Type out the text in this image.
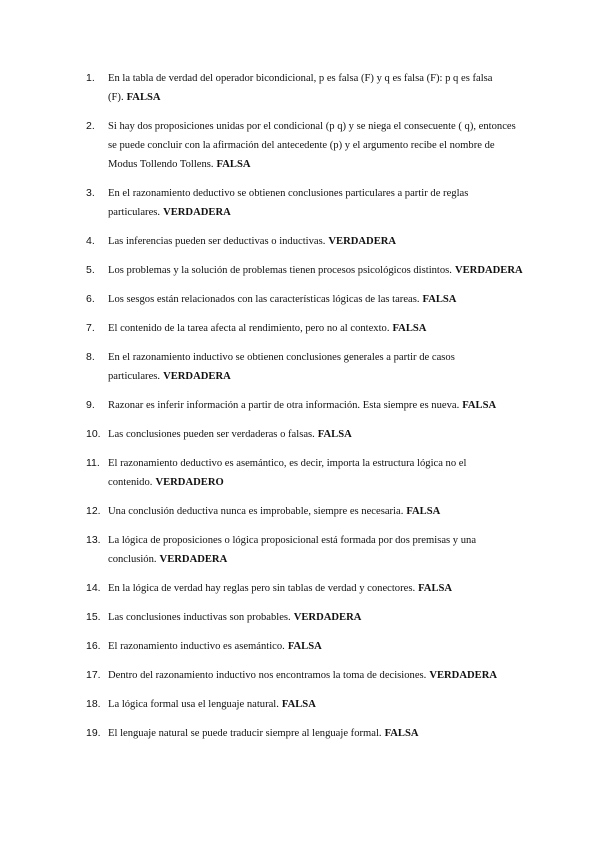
1.	En la tabla de verdad del operador bicondicional, p es falsa (F) y q es falsa (F): p q es falsa (F). FALSA
2.	Si hay dos proposiciones unidas por el condicional (p q) y se niega el consecuente ( q), entonces se puede concluir con la afirmación del antecedente (p) y el argumento recibe el nombre de Modus Tollendo Tollens. FALSA
3.	En el razonamiento deductivo se obtienen conclusiones particulares a partir de reglas particulares. VERDADERA
4.	Las inferencias pueden ser deductivas o inductivas. VERDADERA
5.	Los problemas y la solución de problemas tienen procesos psicológicos distintos. VERDADERA
6.	Los sesgos están relacionados con las características lógicas de las tareas. FALSA
7.	El contenido de la tarea afecta al rendimiento, pero no al contexto. FALSA
8.	En el razonamiento inductivo se obtienen conclusiones generales a partir de casos particulares. VERDADERA
9.	Razonar es inferir información a partir de otra información. Esta siempre es nueva. FALSA
10. Las conclusiones pueden ser verdaderas o falsas. FALSA
11. El razonamiento deductivo es asemántico, es decir, importa la estructura lógica no el contenido. VERDADERO
12. Una conclusión deductiva nunca es improbable, siempre es necesaria. FALSA
13. La lógica de proposiciones o lógica proposicional está formada por dos premisas y una conclusión. VERDADERA
14. En la lógica de verdad hay reglas pero sin tablas de verdad y conectores. FALSA
15. Las conclusiones inductivas son probables. VERDADERA
16. El razonamiento inductivo es asemántico. FALSA
17. Dentro del razonamiento inductivo nos encontramos la toma de decisiones. VERDADERA
18. La lógica formal usa el lenguaje natural. FALSA
19. El lenguaje natural se puede traducir siempre al lenguaje formal. FALSA
